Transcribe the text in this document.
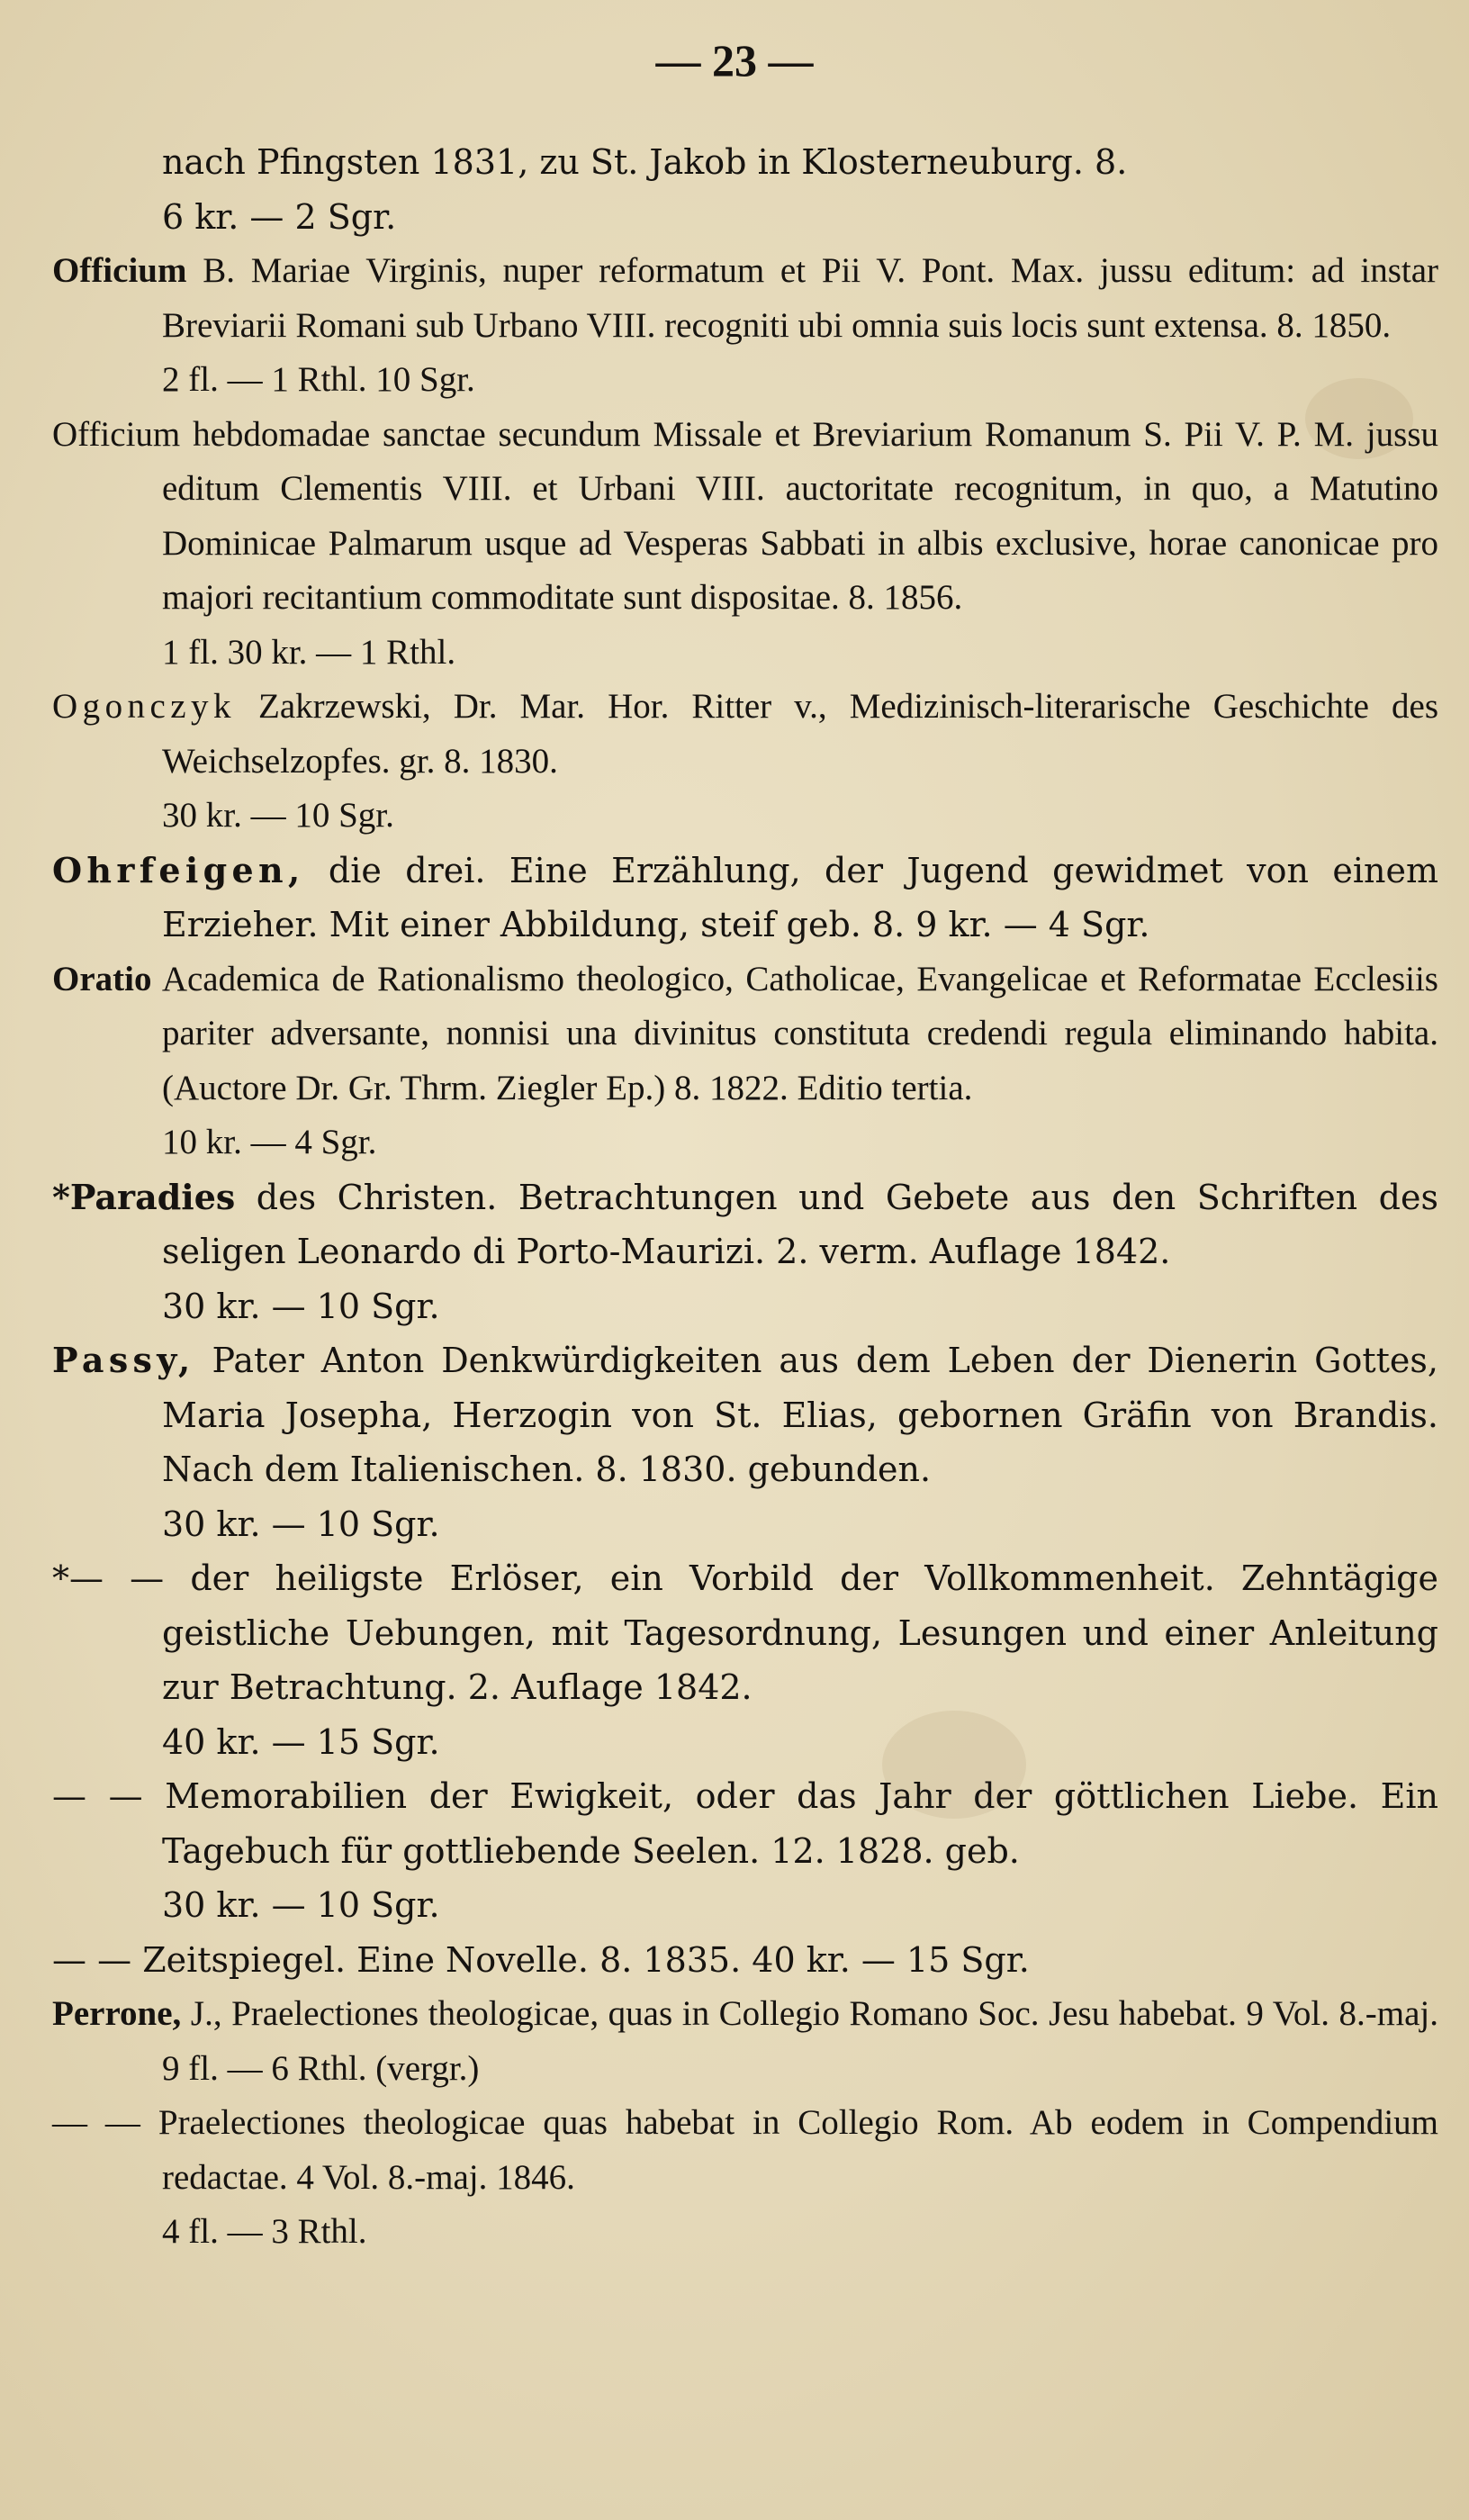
— 23 —
nach Pfingsten 1831, zu St. Jakob in Klosterneuburg. 8.
6 kr. — 2 Sgr.
Officium B. Mariae Virginis, nuper reformatum et Pii V. Pont. Max. jussu editum: ad instar Breviarii Romani sub Urbano VIII. recogniti ubi omnia suis locis sunt extensa. 8. 1850.
2 fl. — 1 Rthl. 10 Sgr.
Officium hebdomadae sanctae secundum Missale et Breviarium Romanum S. Pii V. P. M. jussu editum Clementis VIII. et Urbani VIII. auctoritate recognitum, in quo, a Matutino Dominicae Palmarum usque ad Vesperas Sabbati in albis exclusive, horae canonicae pro majori recitantium commoditate sunt dispositae. 8. 1856.
1 fl. 30 kr. — 1 Rthl.
Ogonczyk Zakrzewski, Dr. Mar. Hor. Ritter v., Medizinisch-literarische Geschichte des Weichselzopfes. gr. 8. 1830.
30 kr. — 10 Sgr.
Ohrfeigen, die drei. Eine Erzählung, der Jugend gewidmet von einem Erzieher. Mit einer Abbildung, steif geb. 8. 9 kr. — 4 Sgr.
Oratio Academica de Rationalismo theologico, Catholicae, Evangelicae et Reformatae Ecclesiis pariter adversante, nonnisi una divinitus constituta credendi regula eliminando habita. (Auctore Dr. Gr. Thrm. Ziegler Ep.) 8. 1822. Editio tertia.
10 kr. — 4 Sgr.
*Paradies des Christen. Betrachtungen und Gebete aus den Schriften des seligen Leonardo di Porto-Maurizi. 2. verm. Auflage 1842.
30 kr. — 10 Sgr.
Passy, Pater Anton Denkwürdigkeiten aus dem Leben der Dienerin Gottes, Maria Josepha, Herzogin von St. Elias, gebornen Gräfin von Brandis. Nach dem Italienischen. 8. 1830. gebunden.
30 kr. — 10 Sgr.
*— — der heiligste Erlöser, ein Vorbild der Vollkommenheit. Zehntägige geistliche Uebungen, mit Tagesordnung, Lesungen und einer Anleitung zur Betrachtung. 2. Auflage 1842.
40 kr. — 15 Sgr.
— — Memorabilien der Ewigkeit, oder das Jahr der göttlichen Liebe. Ein Tagebuch für gottliebende Seelen. 12. 1828. geb.
30 kr. — 10 Sgr.
— — Zeitspiegel. Eine Novelle. 8. 1835. 40 kr. — 15 Sgr.
Perrone, J., Praelectiones theologicae, quas in Collegio Romano Soc. Jesu habebat. 9 Vol. 8.-maj. 9 fl. — 6 Rthl. (vergr.)
— — Praelectiones theologicae quas habebat in Collegio Rom. Ab eodem in Compendium redactae. 4 Vol. 8.-maj. 1846.
4 fl. — 3 Rthl.
